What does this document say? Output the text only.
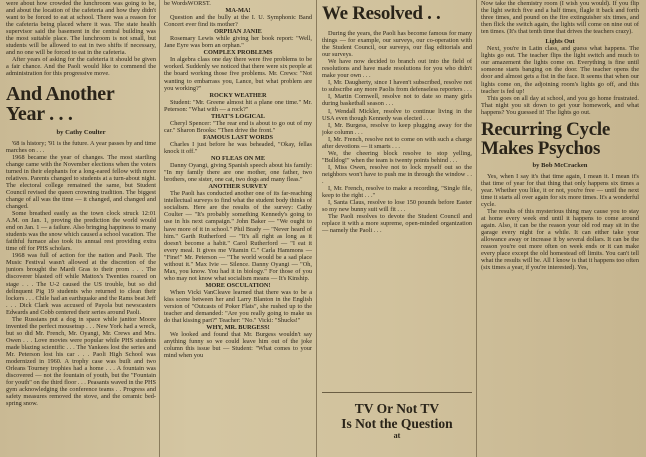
were about how crowded the lunchroom was going to be, and about the location of the cafeteria and how they didn't want to be forced to eat at school. There was a reason for the cafeteria being placed where it was. The state health supervisor said the basement in the central building was the most suitable place. The lunchroom is not small, but students will be allowed to eat in two shifts if necessary, and no one will be forced to eat in the cafeteria.

After years of asking for the cafeteria it should be given a fair chance. And the Paoli would like to commend the administration for this progressive move.

And Another Year . . .
by Cathy Coulter

'68 is history; '91 is the future. A year passes by and time marches on . . .

1968 became the year of changes. The most startling change came with the November elections when the voters turned in their elephants for a long-eared fellow with more relatives. Parents changed to students at a turn-about night. The electoral college remained the same, but Student Council revised the queen crowning tradition. The biggest change of all was the time — it changed, and changed and changed.

Some breathed easily as the town clock struck 12:01 A.M. on Jan. 1, proving the prediction the world would end on Jan. 1 — a failure. Also bringing happiness to many students was the snow which caused a school vacation. The faithful furnace also took its annual rest providing extra time off for PHS scholars.

1968 was full of action for the nation and Paoli. The Music Festival wasn't allowed at the discretion of the juniors brought the Mardi Gras to their prom . . . The discoverer blasted off while Mattox's Twenties roared on stage . . . The U-2 caused the US trouble, but so did delinquent Pig 19 students who returned to clean their lockers . . . Chile had an earthquake and the Rams beat Jeff . . . Dick Clark was accused of Payola but newscasters Edwards and Cobb centered their series around Paoli.

The Russians put a dog in space while janitor Moore invented the perfect mousetrap . . . New York had a wreck, but so did Mr. French, Mr. Oyangi, Mr. Crews and Mrs. Owen . . . Love movies were popular while PHS students made blazing scientific . . . The Yankees lost the series and Mr. Peterson lost his car . . . Paoli High School was modernized in 1960. A trophy case was built and two Orleans Tourney trophies had a home . . . A fountain was discovered — not the fountain of youth, but the "Fountain for youth" on the third floor . . . Peasants waved in the PHS gym acknowledging the conference teams . . Progress and safety measures removed the stove, and the ceramic bed-spring snow.

be WordsWORST.

MA-MA!

Question and the bully at the I. U. Symphonic Band Concert ever find its mother?

ORPHAN JANIE

Rosemary Lewis while giving her book report: "Well, Jane Eyre was born an orphan."

COMPLEX PROBLEMS

In algebra class one day there were five problems to be worked. Suddenly we noticed that there were six people at the board working those five problems. Mr. Crews: "Not wanting to embarrass you, Lance, but what problem are you working?"

ROCKY WEATHER

Student: "Mr. Greene almost hit a plane one time." Mr. Peterson: "What with — a rock?"

THAT'S LOGICAL

Cheryl Spencer: "The rear end is about to go out of my car." Sharon Brooks: "Then drive the front."

FAMOUS LAST WORDS

Charles I just before he was beheaded, "Okay, fellas knock it off."

NO FLEAS ON ME

Danny Oyangi, giving Spanish speech about his family: "In my family there are one mother, one father, two brothers, one sister, one cat, two dogs and many fleas."

ANOTHER SURVEY

The Paoli has conducted another one of its far-reaching intellectual surveys to find what the student body thinks of socialism. Here are the results of the survey: Cathy Coulter — "It's probably something Kennedy's going to use in his next campaign." John Baker — "We ought to have more of it in school." Phil Brady — "Never heard of him." Garth Rutherford — "It's all right as long as it doesn't become a habit." Carol Rutherford — "I eat it every meal. It gives me Vitamin C." Carla Hammons — "Fine!" Mr. Peterson — "The world would be a sad place without it." Max Ivie — Silence. Danny Oyangi — "Oh, Max, you know. You had it in biology." For those of you who may not know what socialism means — It's Kinship.

MORE OSCULATION!

When Vicki VanCleave learned that there was to be a kiss scene between her and Larry Blanton in the English version of "Outcasts of Poker Flats", she rushed up to the teacher and demanded: "Are you really going to make us do that kissing part?" Teacher: "No." Vicki: "Shucks!"

WHY, MR. BURGESS!

We looked and found that Mr. Burgess wouldn't say anything funny so we could leave him out of the joke column this issue but — Student: "What comes to your mind when you

We Resolved . .

During the years, the Paoli has become famous for many things — for example, our surveys, our co-operation with the Student Council, our surveys, our flag editorials and our surveys.

We have now decided to branch out into the field of resolutions and have made resolutions for you who didn't make your own . . .

I, Mr. Daugherty, since I haven't subscribed, resolve not to subscribe any more Paolis from defenseless reporters . . .

I, Martin Cornwell, resolve not to date so many girls during basketball season . . .

I, Wendall Mickler, resolve to continue living in the USA even though Kennedy was elected . . .

I, Mr. Burgess, resolve to keep plugging away for the joke column . . .

I, Mr. French, resolve not to come on with such a charge after devotions — it smarts . . .

We, the cheering block resolve to stop yelling, "Bulldog!" when the team is twenty points behind . . .

I, Miss Owen, resolve not to lock myself out so the neighbors won't have to push me in through the window . . .

I, Mr. French, resolve to make a recording, "Single file, keep to the right . . ."

I, Santa Claus, resolve to lose 150 pounds before Easter so my new bunny suit will fit . . .

The Paoli resolves to devote the Student Council and replace it with a more supreme, open-minded organization — namely the Paoli . . .

TV Or Not TV
Is Not the Question
at

Now take the chemistry room (I wish you would). If you flip the light switch five and a half times, flagle it back and forth three times, and pound on the fire extinguisher six times, and then flick the switch again, the lights will come on nine out of ten times. (It's that tenth time that drives the teachers crazy).

Lights Out

Next, you're in Latin class, and guess what happens. The lights go out. The teacher flips the light switch and much to our amazement the lights come on. Everything is fine until someone starts banging on the door. The teacher opens the door and almost gets a fist in the face. It seems that when our lights come on, the adjoining room's lights go off, and this teacher is fed up!

This goes on all day at school, and you go home frustrated. That night you sit down to get your homework, and what happens? You guessed it! The lights go out.

Recurring Cycle Makes Psychos
by Bob McCracken

Yes, when I say it's that time again, I mean it. I mean it's that time of year for that thing that only happens six times a year. Whether you like, it or not, you're free — until the next time it starts all over again for six more times. It's a wonderful cycle.

The results of this mysterious thing may cause you to stay at home every week end until it happens to come around again. Also, it can be the reason your old rod may sit in the garage every night for a while. It can either take your allowance away or increase it by several dollars. It can be the reason you're out more often on week ends or it can make every place except the old homestead off limits. You can't tell what the results will be. All I know is that it happens too often (six times a year, if you're interested). Yes,
